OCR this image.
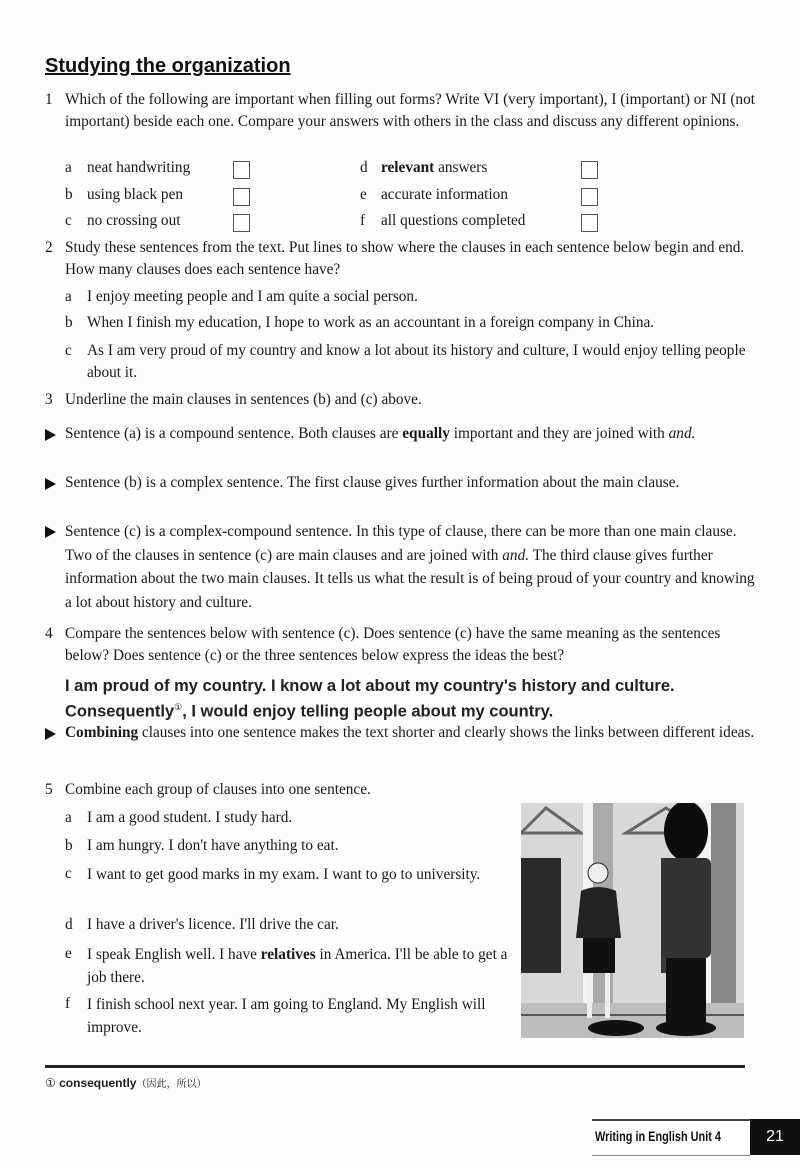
Studying the organization
1 Which of the following are important when filling out forms? Write VI (very important), I (important) or NI (not important) beside each one. Compare your answers with others in the class and discuss any different opinions.
a neat handwriting
b using black pen
c no crossing out
d relevant answers
e accurate information
f all questions completed
2 Study these sentences from the text. Put lines to show where the clauses in each sentence below begin and end. How many clauses does each sentence have?
a I enjoy meeting people and I am quite a social person.
b When I finish my education, I hope to work as an accountant in a foreign company in China.
c As I am very proud of my country and know a lot about its history and culture, I would enjoy telling people about it.
3 Underline the main clauses in sentences (b) and (c) above.
Sentence (a) is a compound sentence. Both clauses are equally important and they are joined with and.
Sentence (b) is a complex sentence. The first clause gives further information about the main clause.
Sentence (c) is a complex-compound sentence. In this type of clause, there can be more than one main clause. Two of the clauses in sentence (c) are main clauses and are joined with and. The third clause gives further information about the two main clauses. It tells us what the result is of being proud of your country and knowing a lot about history and culture.
4 Compare the sentences below with sentence (c). Does sentence (c) have the same meaning as the sentences below? Does sentence (c) or the three sentences below express the ideas the best?
I am proud of my country. I know a lot about my country's history and culture.
Consequently①, I would enjoy telling people about my country.
Combining clauses into one sentence makes the text shorter and clearly shows the links between different ideas.
5 Combine each group of clauses into one sentence.
a I am a good student. I study hard.
b I am hungry. I don't have anything to eat.
c I want to get good marks in my exam. I want to go to university.
d I have a driver's licence. I'll drive the car.
e I speak English well. I have relatives in America. I'll be able to get a job there.
f I finish school next year. I am going to England. My English will improve.
① consequently（因此，所以）
Writing in English Unit 4	21
